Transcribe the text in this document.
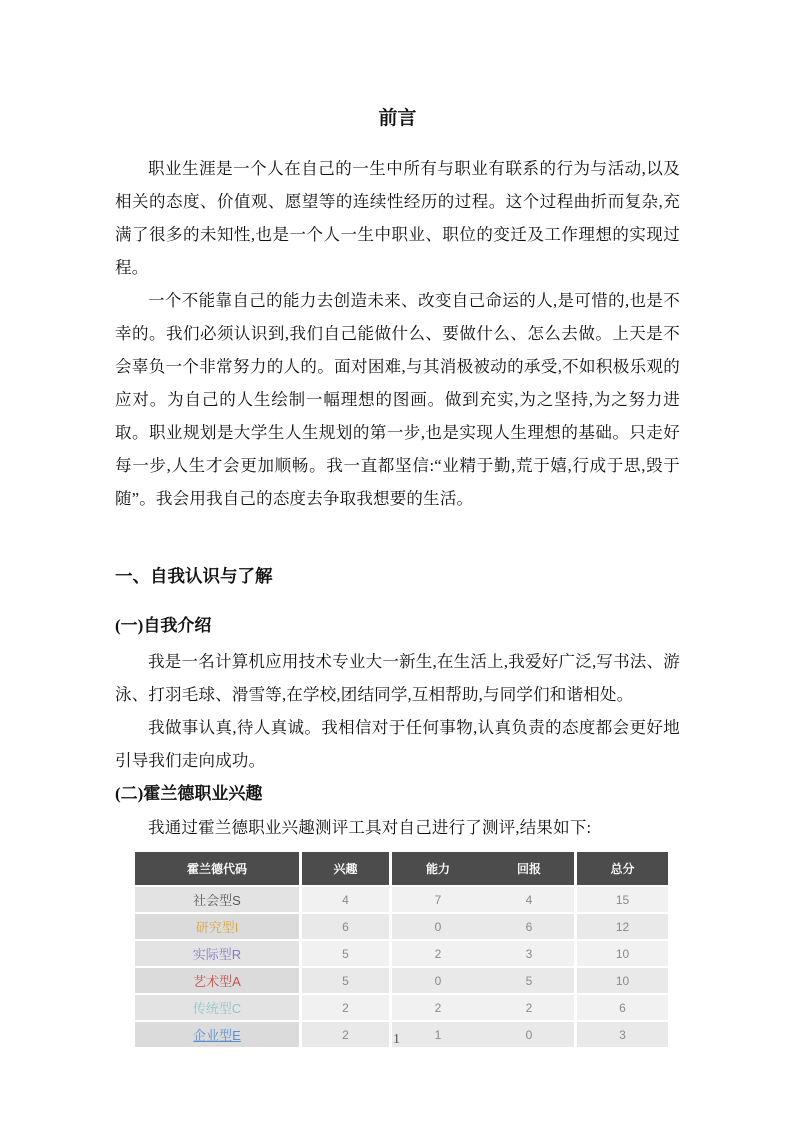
前言

职业生涯是一个人在自己的一生中所有与职业有联系的行为与活动,以及相关的态度、价值观、愿望等的连续性经历的过程。这个过程曲折而复杂,充满了很多的未知性,也是一个人一生中职业、职位的变迁及工作理想的实现过程。

一个不能靠自己的能力去创造未来、改变自己命运的人,是可惜的,也是不幸的。我们必须认识到,我们自己能做什么、要做什么、怎么去做。上天是不会辜负一个非常努力的人的。面对困难,与其消极被动的承受,不如积极乐观的应对。为自己的人生绘制一幅理想的图画。做到充实,为之坚持,为之努力进取。职业规划是大学生人生规划的第一步,也是实现人生理想的基础。只走好每一步,人生才会更加顺畅。我一直都坚信:“业精于勤,荒于嬉,行成于思,毁于随”。我会用我自己的态度去争取我想要的生活。

一、自我认识与了解
(一)自我介绍

我是一名计算机应用技术专业大一新生,在生活上,我爱好广泛,写书法、游泳、打羽毛球、滑雪等,在学校,团结同学,互相帮助,与同学们和谐相处。

我做事认真,待人真诚。我相信对于任何事物,认真负责的态度都会更好地引导我们走向成功。

(二)霍兰德职业兴趣

我通过霍兰德职业兴趣测评工具对自己进行了测评,结果如下:

霍兰德代码	兴趣	能力	回报	总分
社会型S	4	7	4	15
研究型I	6	0	6	12
实际型R	5	2	3	10
艺术型A	5	0	5	10
传统型C	2	2	2	6
企业型E	2	1	0	3
1
